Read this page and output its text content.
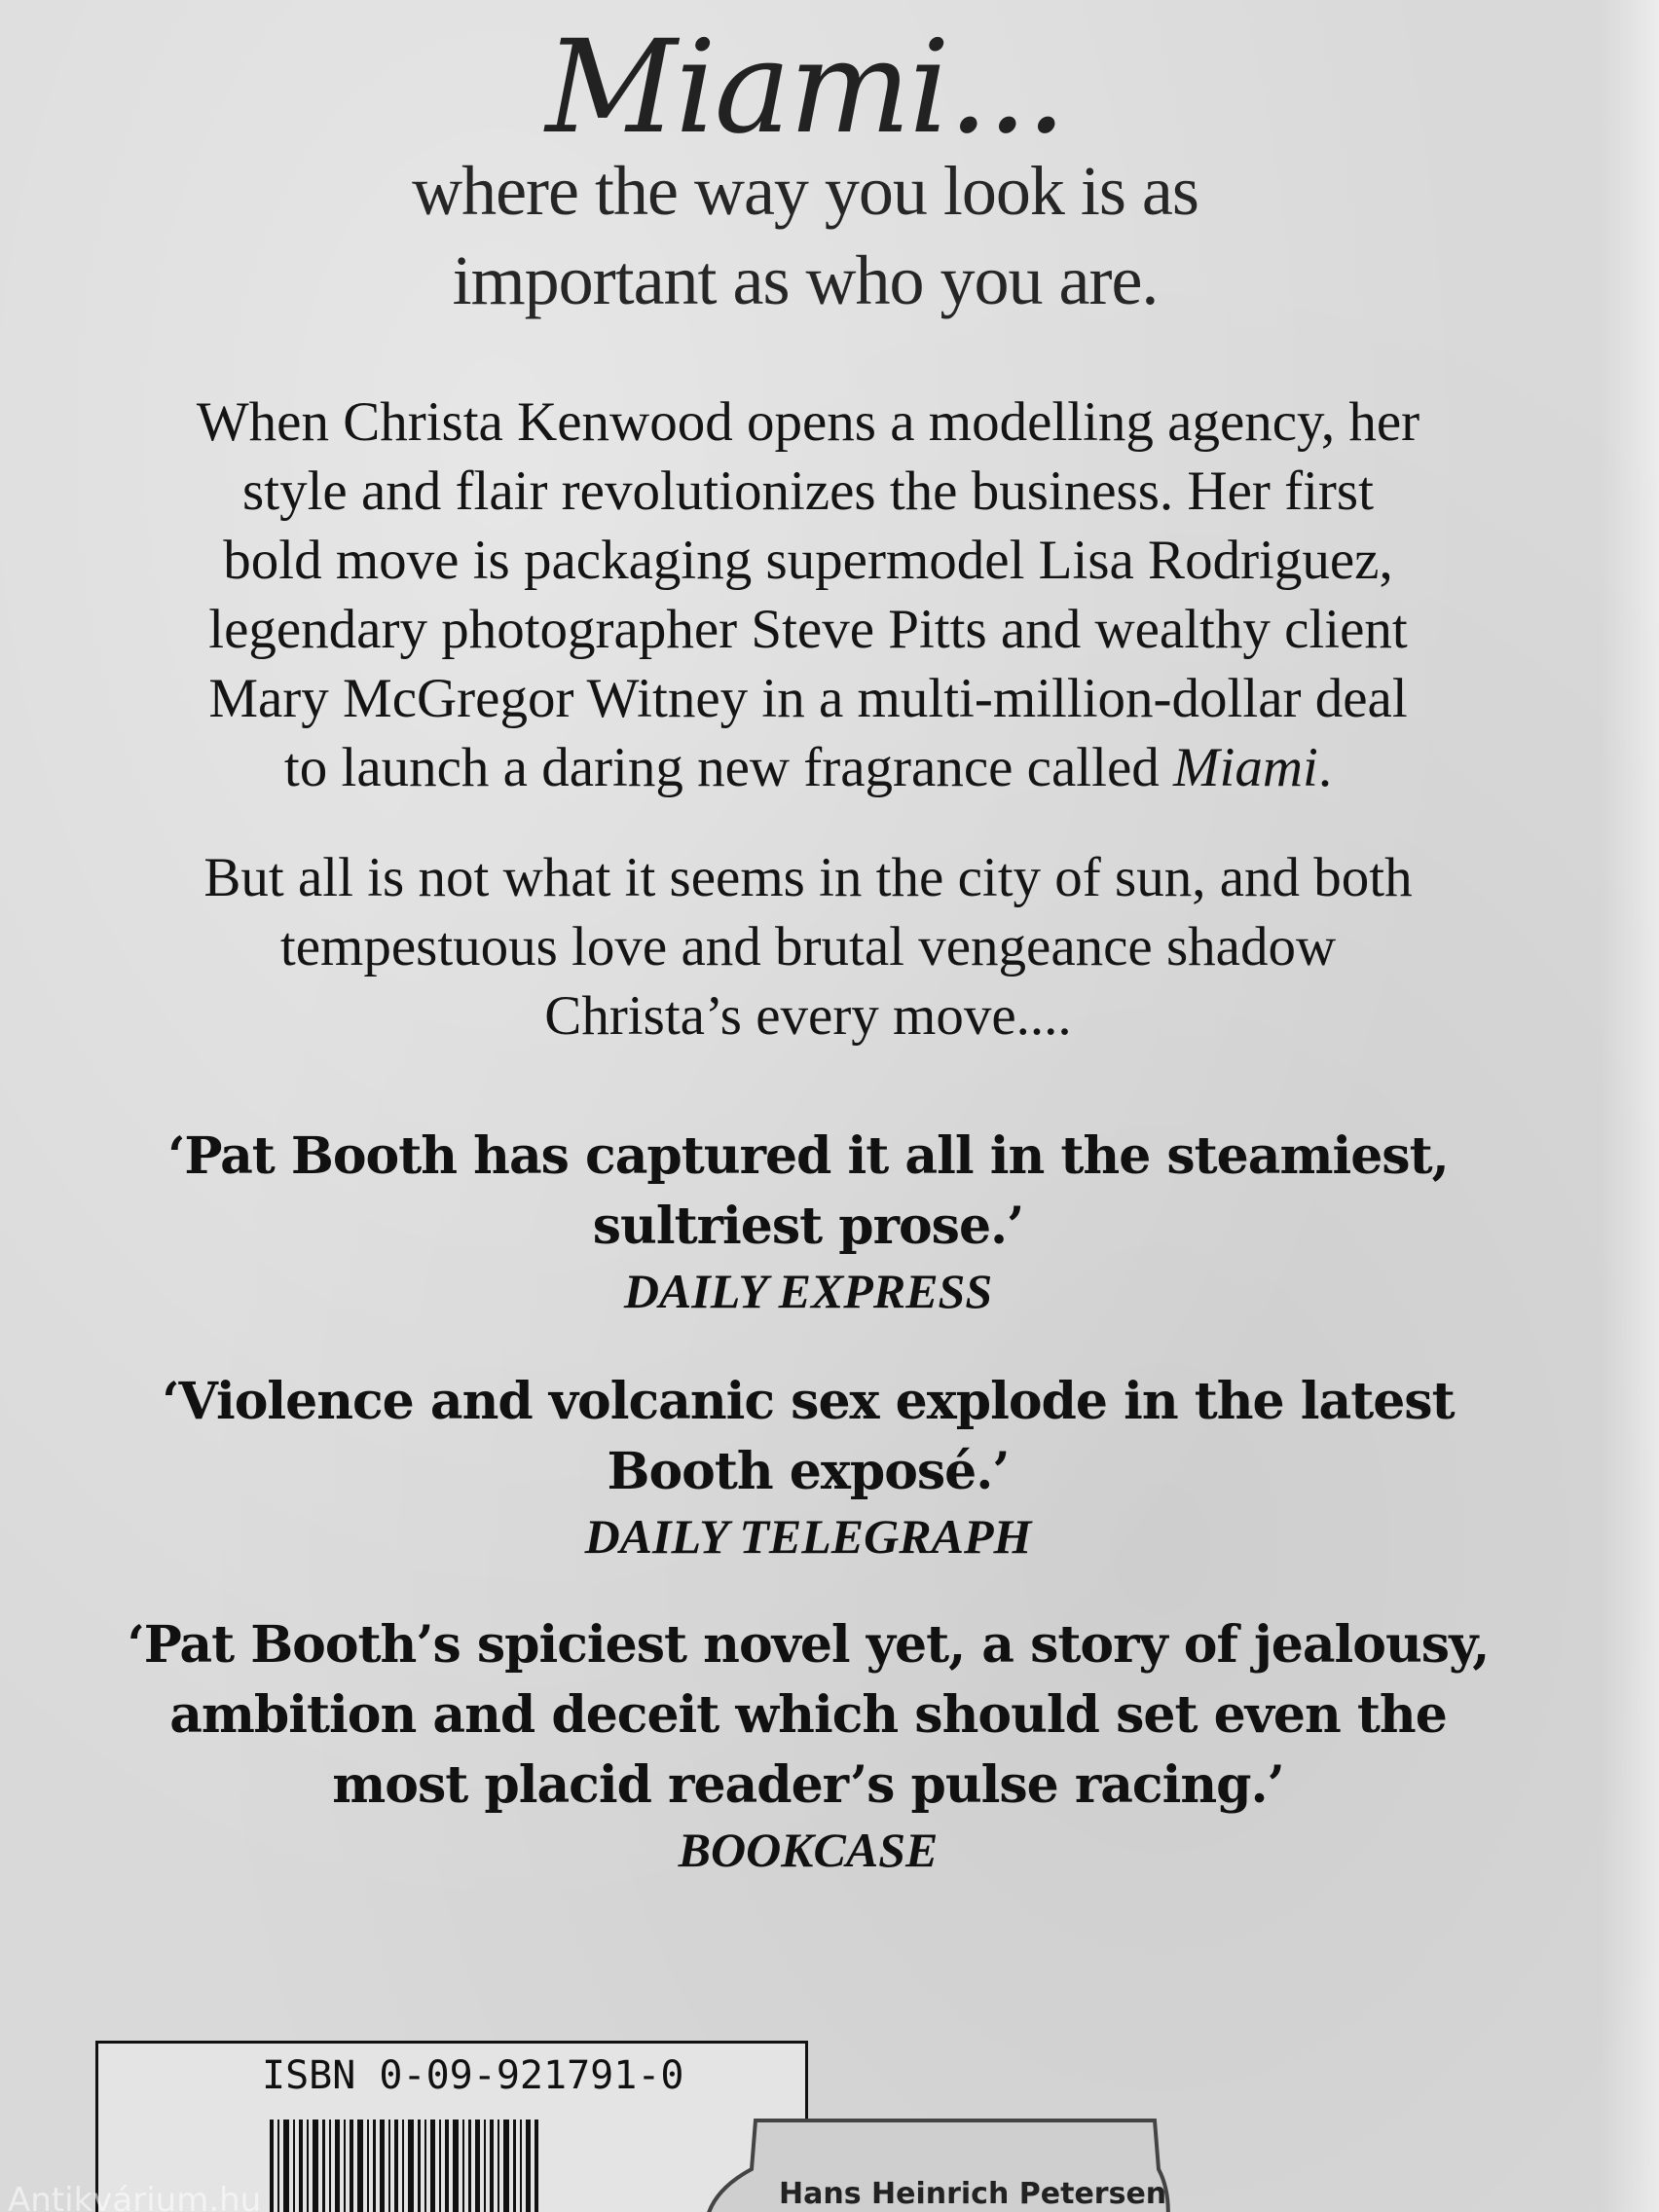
Miami...
where the way you look is as
important as who you are.
When Christa Kenwood opens a modelling agency, her
style and flair revolutionizes the business. Her first
bold move is packaging supermodel Lisa Rodriguez,
legendary photographer Steve Pitts and wealthy client
Mary McGregor Witney in a multi-million-dollar deal
to launch a daring new fragrance called Miami.
But all is not what it seems in the city of sun, and both
tempestuous love and brutal vengeance shadow
Christa’s every move....
‘Pat Booth has captured it all in the steamiest,
sultriest prose.’
DAILY EXPRESS
‘Violence and volcanic sex explode in the latest
Booth exposé.’
DAILY TELEGRAPH
‘Pat Booth’s spiciest novel yet, a story of jealousy,
ambition and deceit which should set even the
most placid reader’s pulse racing.’
BOOKCASE
ISBN 0-09-921791-0
Hans Heinrich Petersen
Antikvárium.hu
